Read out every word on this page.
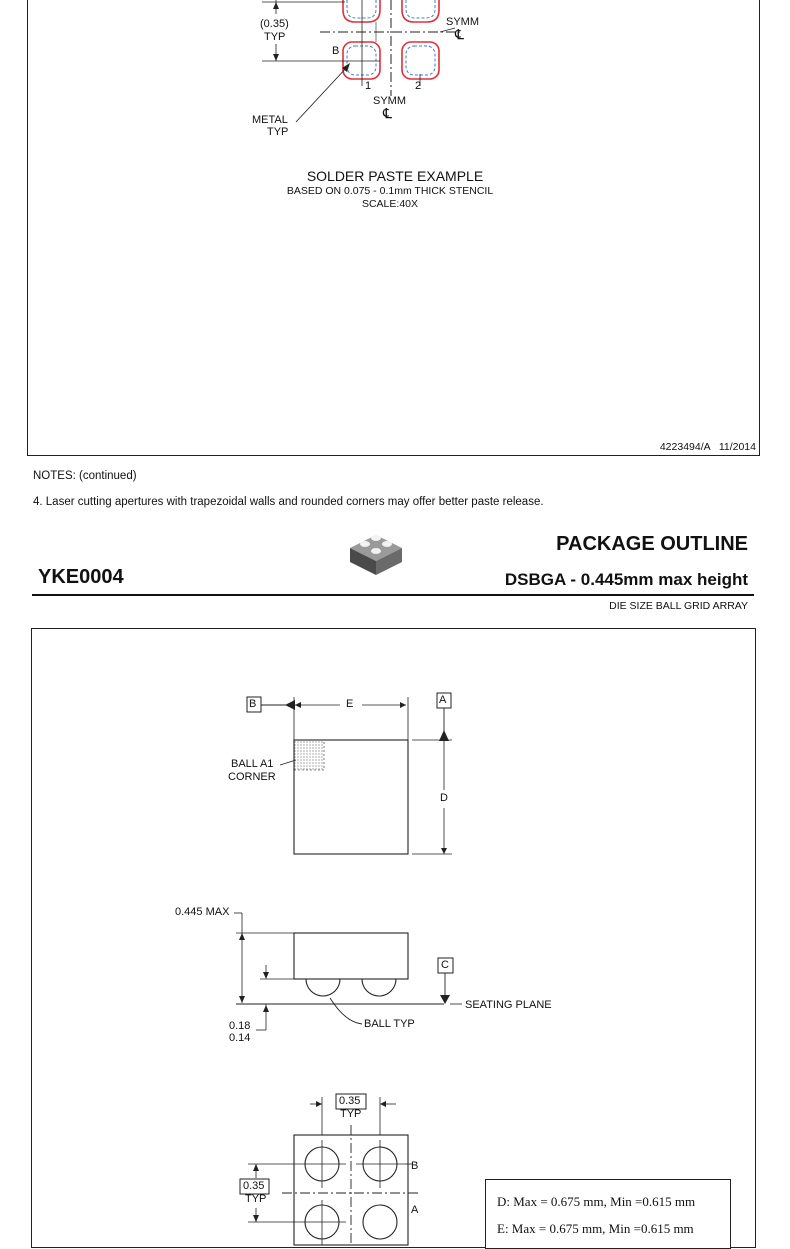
(0.35)
TYP
B
SYMM
℄
1	2
SYMM
℄
METAL
TYP
SOLDER PASTE EXAMPLE
BASED ON 0.075 - 0.1mm THICK STENCIL
SCALE:40X
4223494/A   11/2014
NOTES: (continued)
4. Laser cutting apertures with trapezoidal walls and rounded corners may offer better paste release.
PACKAGE OUTLINE
YKE0004	DSBGA - 0.445mm max height
DIE SIZE BALL GRID ARRAY
B	E	A
BALL A1
CORNER
D
0.445 MAX
C
SEATING PLANE
BALL TYP
0.18
0.14
0.35
TYP
0.35
TYP
B
A
D: Max = 0.675 mm, Min =0.615 mm
E: Max = 0.675 mm, Min =0.615 mm
